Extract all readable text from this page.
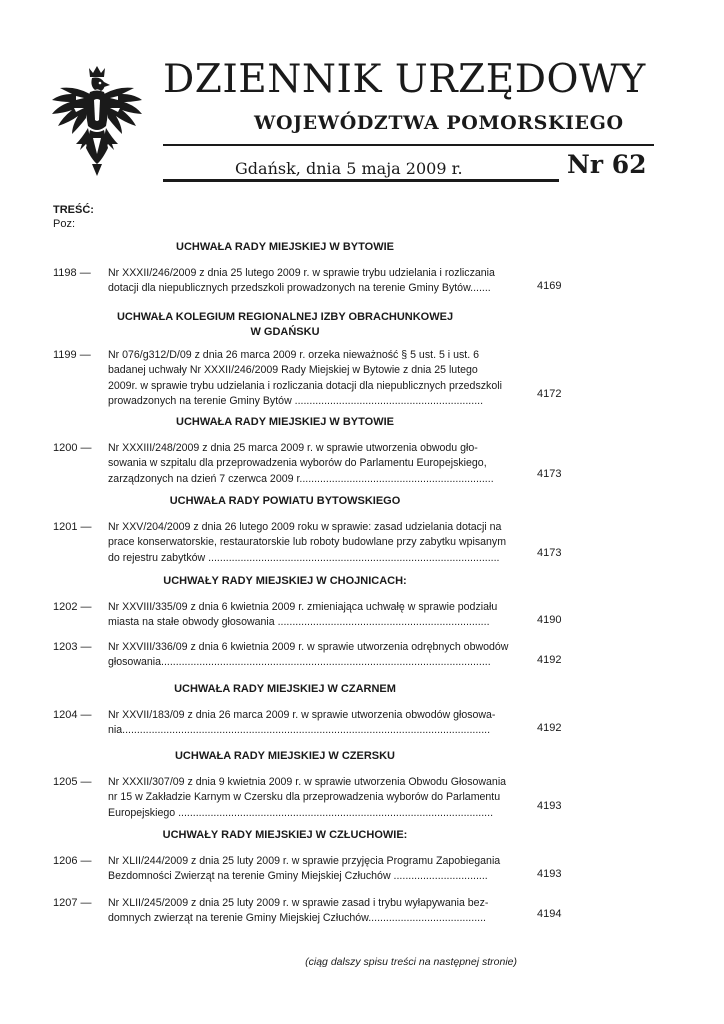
DZIENNIK URZĘDOWY
WOJEWÓDZTWA POMORSKIEGO
Gdańsk, dnia 5 maja 2009 r.	Nr 62
TREŚĆ:
Poz:
UCHWAŁA RADY MIEJSKIEJ W BYTOWIE
1198 — Nr XXXII/246/2009 z dnia 25 lutego 2009 r. w sprawie trybu udzielania i rozliczania
dotacji dla niepublicznych przedszkoli prowadzonych na terenie Gminy Bytów.......	4169
UCHWAŁA KOLEGIUM REGIONALNEJ IZBY OBRACHUNKOWEJ
W GDAŃSKU
1199 — Nr 076/g312/D/09 z dnia 26 marca 2009 r. orzeka nieważność § 5 ust. 5 i ust. 6
badanej uchwały Nr XXXII/246/2009 Rady Miejskiej w Bytowie z dnia 25 lutego
2009r. w sprawie trybu udzielania i rozliczania dotacji dla niepublicznych przedszkoli
prowadzonych na terenie Gminy Bytów ................................................................
4172
UCHWAŁA RADY MIEJSKIEJ W BYTOWIE
1200 — Nr XXXIII/248/2009 z dnia 25 marca 2009 r. w sprawie utworzenia obwodu gło-
sowania w szpitalu dla przeprowadzenia wyborów do Parlamentu Europejskiego,
zarządzonych na dzień 7 czerwca 2009 r..................................................................	4173
UCHWAŁA RADY POWIATU BYTOWSKIEGO
1201 — Nr XXV/204/2009 z dnia 26 lutego 2009 roku w sprawie: zasad udzielania dotacji na
prace konserwatorskie, restauratorskie lub roboty budowlane przy zabytku wpisanym
do rejestru zabytków ...................................................................................................	4173
UCHWAŁY RADY MIEJSKIEJ W CHOJNICACH:
1202 — Nr XXVIII/335/09 z dnia 6 kwietnia 2009 r. zmieniająca uchwałę w sprawie podziału
miasta na stałe obwody głosowania ........................................................................	4190
1203 — Nr XXVIII/336/09 z dnia 6 kwietnia 2009 r. w sprawie utworzenia odrębnych obwodów
głosowania................................................................................................................	4192
UCHWAŁA RADY MIEJSKIEJ W CZARNEM
1204 — Nr XXVII/183/09 z dnia 26 marca 2009 r. w sprawie utworzenia obwodów głosowa-
nia.............................................................................................................................	4192
UCHWAŁA RADY MIEJSKIEJ W CZERSKU
1205 — Nr XXXII/307/09 z dnia 9 kwietnia 2009 r. w sprawie utworzenia Obwodu Głosowania
nr 15 w Zakładzie Karnym w Czersku dla przeprowadzenia wyborów do Parlamentu
Europejskiego ...........................................................................................................
4193
UCHWAŁY RADY MIEJSKIEJ W CZŁUCHOWIE:
1206 — Nr XLII/244/2009 z dnia 25 luty 2009 r. w sprawie przyjęcia Programu Zapobiegania
Bezdomności Zwierząt na terenie Gminy Miejskiej Człuchów ................................	4193
1207 — Nr XLII/245/2009 z dnia 25 luty 2009 r. w sprawie zasad i trybu wyłapywania bez-
domnych zwierząt na terenie Gminy Miejskiej Człuchów........................................	4194
(ciąg dalszy spisu treści na następnej stronie)
